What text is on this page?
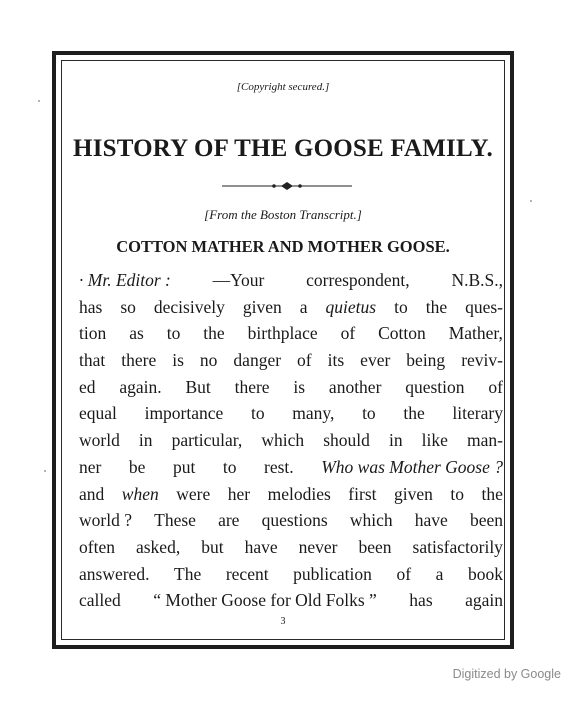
[Copyright secured.]
HISTORY OF THE GOOSE FAMILY.
[From the Boston Transcript.]
COTTON MATHER AND MOTHER GOOSE.
· Mr. Editor : —Your correspondent, N.B.S.,
has so decisively given a quietus to the ques-
tion as to the birthplace of Cotton Mather,
that there is no danger of its ever being reviv-
ed again. But there is another question of
equal importance to many, to the literary
world in particular, which should in like man-
ner be put to rest. Who was Mother Goose ?
and when were her melodies first given to the
world ? These are questions which have been
often asked, but have never been satisfactorily
answered. The recent publication of a book
called “ Mother Goose for Old Folks ” has again
3
Digitized by Google
